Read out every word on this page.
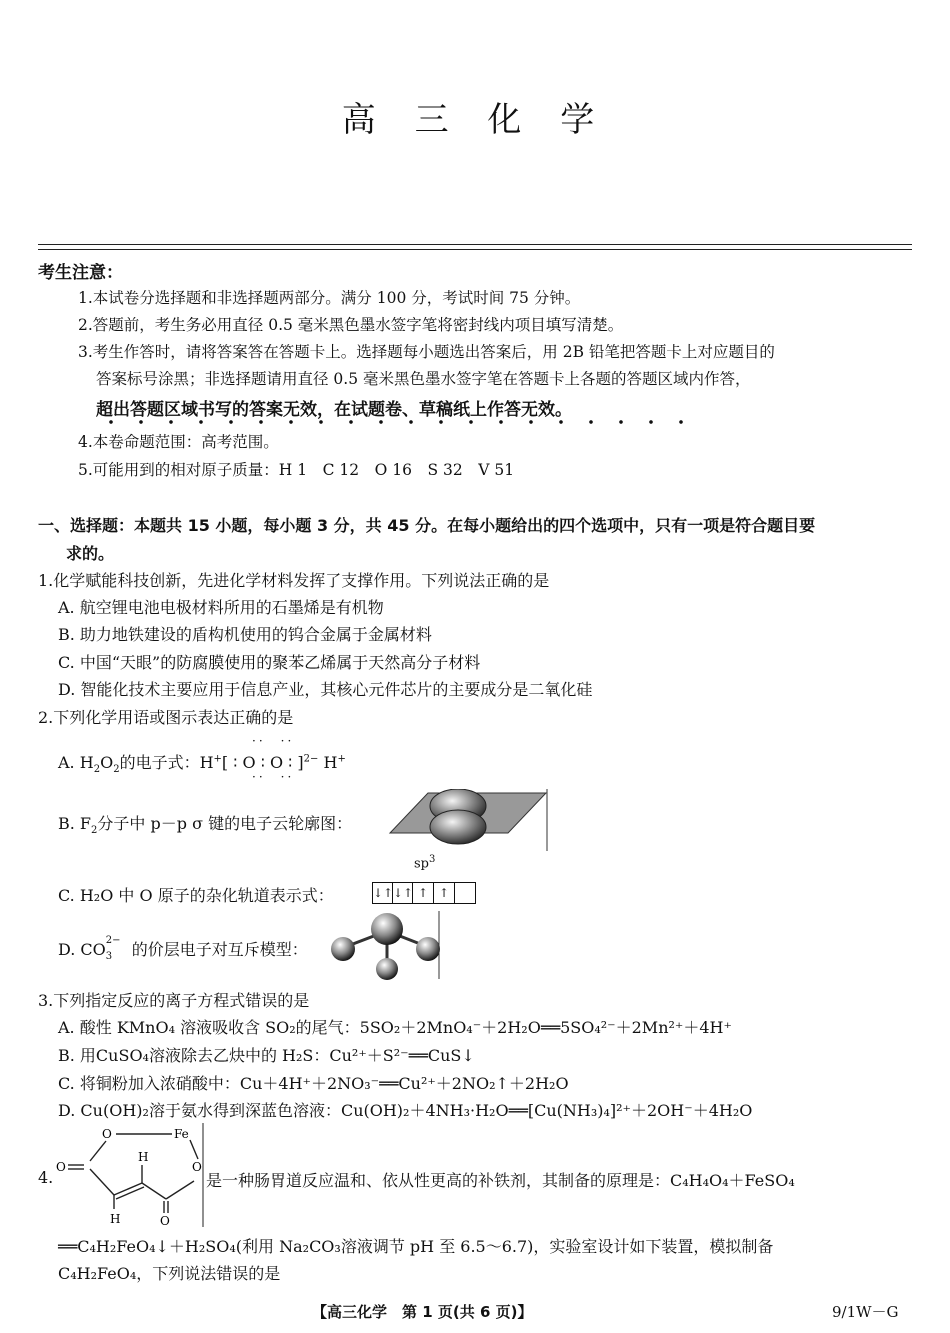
高 三 化 学
考生注意：
1.本试卷分选择题和非选择题两部分。满分 100 分，考试时间 75 分钟。
2.答题前，考生务必用直径 0.5 毫米黑色墨水签字笔将密封线内项目填写清楚。
3.考生作答时，请将答案答在答题卡上。选择题每小题选出答案后，用 2B 铅笔把答题卡上对应题目的
答案标号涂黑；非选择题请用直径 0.5 毫米黑色墨水签字笔在答题卡上各题的答题区域内作答，
超出答题区域书写的答案无效，在试题卷、草稿纸上作答无效。
4.本卷命题范围：高考范围。
5.可能用到的相对原子质量：H 1　C 12　O 16　S 32　V 51
一、选择题：本题共 15 小题，每小题 3 分，共 45 分。在每小题给出的四个选项中，只有一项是符合题目要
求的。
1.化学赋能科技创新，先进化学材料发挥了支撑作用。下列说法正确的是
A. 航空锂电池电极材料所用的石墨烯是有机物
B. 助力地铁建设的盾构机使用的钨合金属于金属材料
C. 中国“天眼”的防腐膜使用的聚苯乙烯属于天然高分子材料
D. 智能化技术主要应用于信息产业，其核心元件芯片的主要成分是二氧化硅
2.下列化学用语或图示表达正确的是
A. $H_2O_2$的电子式：H+[ ∶ O ∶ O ∶ ]$^{2-}$ H+
··　··
··　··
B. $F_2$分子中 p－p σ 键的电子云轮廓图：
$sp^3$
C. H₂O 中 O 原子的杂化轨道表示式：	↓↑ ↓↑ ↑ ↑
D. CO 2−
3
  的价层电子对互斥模型：
3.下列指定反应的离子方程式错误的是
A. 酸性 KMnO₄ 溶液吸收含 SO₂的尾气：5SO₂＋2MnO₄⁻＋2H₂O══5SO₄²⁻＋2Mn²⁺＋4H⁺
B. 用CuSO₄溶液除去乙炔中的 H₂S：Cu²⁺＋S²⁻══CuS↓
C. 将铜粉加入浓硝酸中：Cu＋4H⁺＋2NO₃⁻══Cu²⁺＋2NO₂↑＋2H₂O
D. Cu(OH)₂溶于氨水得到深蓝色溶液：Cu(OH)₂＋4NH₃·H₂O══[Cu(NH₃)₄]²⁺＋2OH⁻＋4H₂O
4.
O	Fe
O
H
O
H	O
是一种肠胃道反应温和、依从性更高的补铁剂，其制备的原理是：C₄H₄O₄＋FeSO₄
══C₄H₂FeO₄↓＋H₂SO₄(利用 Na₂CO₃溶液调节 pH 至 6.5～6.7)，实验室设计如下装置，模拟制备
C₄H₂FeO₄，下列说法错误的是
【高三化学　第 1 页(共 6 页)】	9/1W－G
